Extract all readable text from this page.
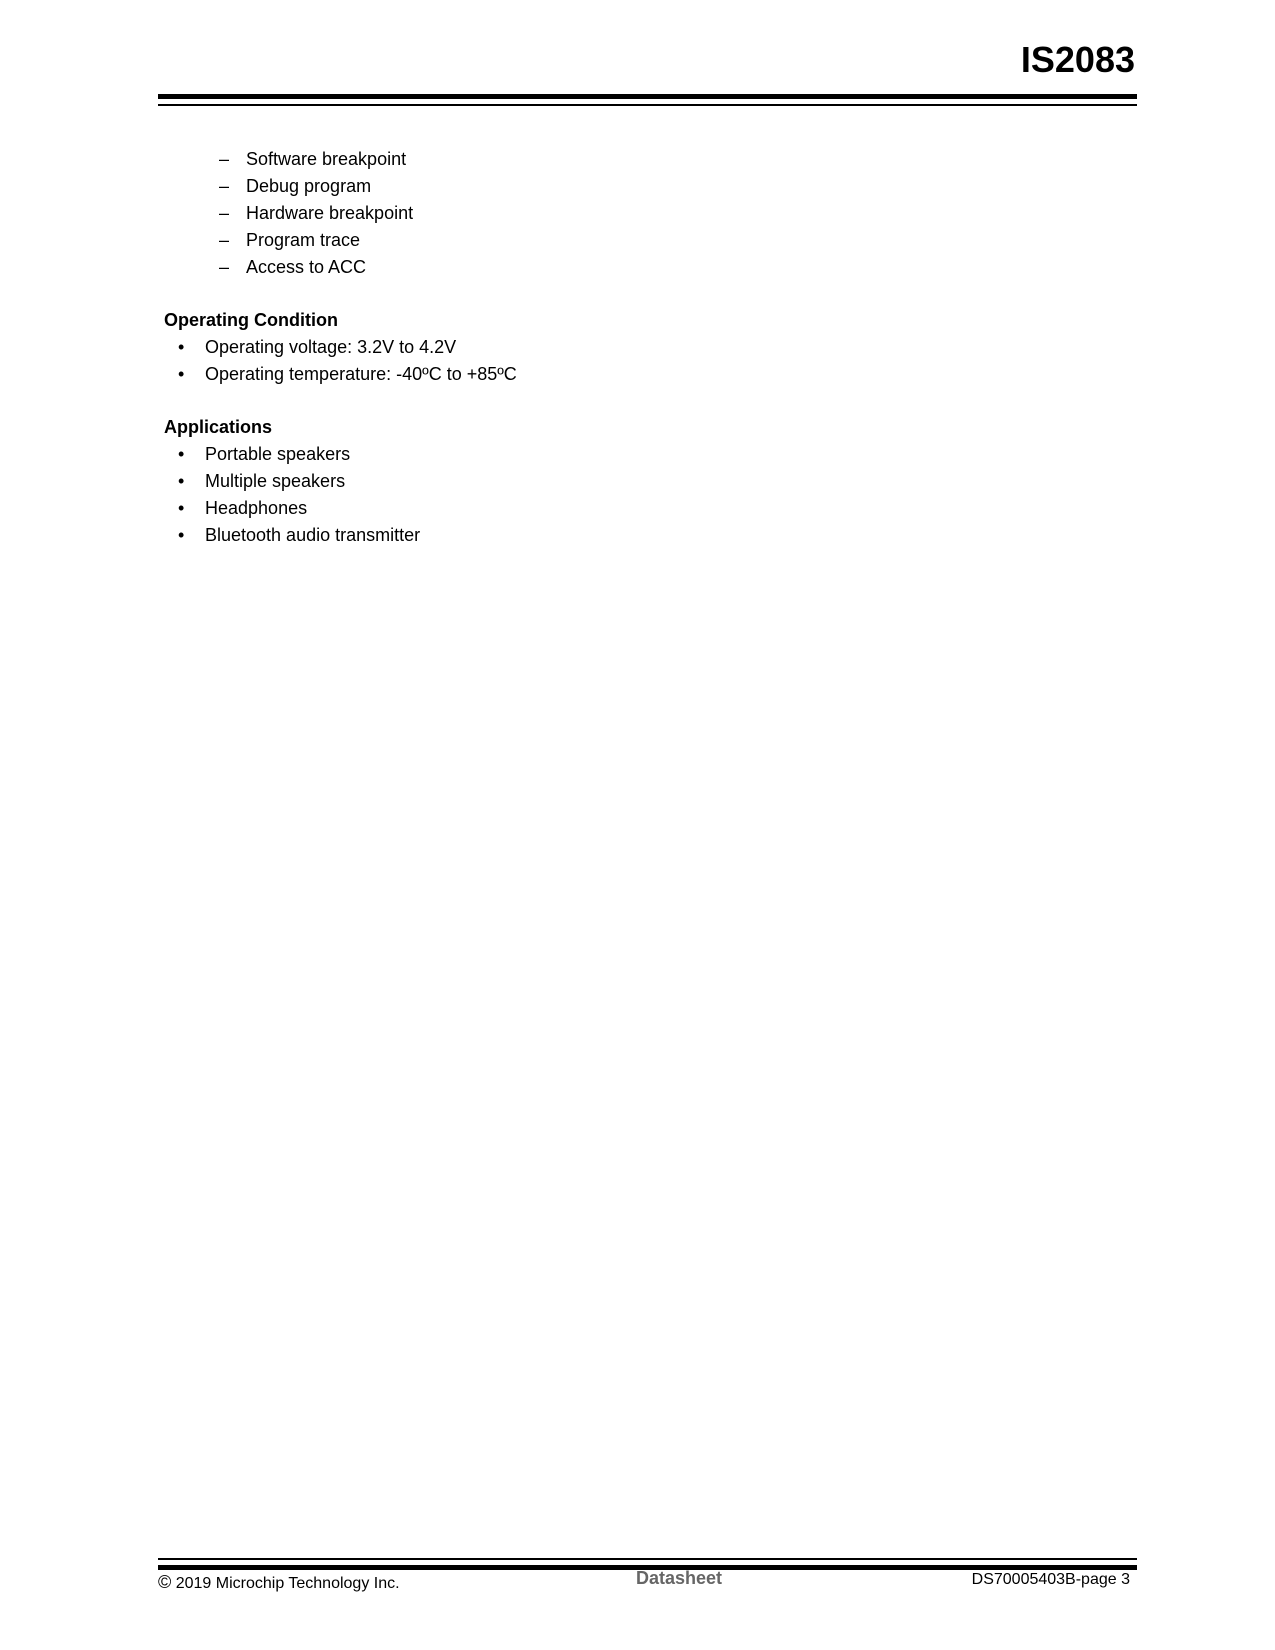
IS2083
– Software breakpoint
– Debug program
– Hardware breakpoint
– Program trace
– Access to ACC
Operating Condition
• Operating voltage: 3.2V to 4.2V
• Operating temperature: -40ºC to +85ºC
Applications
• Portable speakers
• Multiple speakers
• Headphones
• Bluetooth audio transmitter
© 2019 Microchip Technology Inc.	Datasheet	DS70005403B-page 3
